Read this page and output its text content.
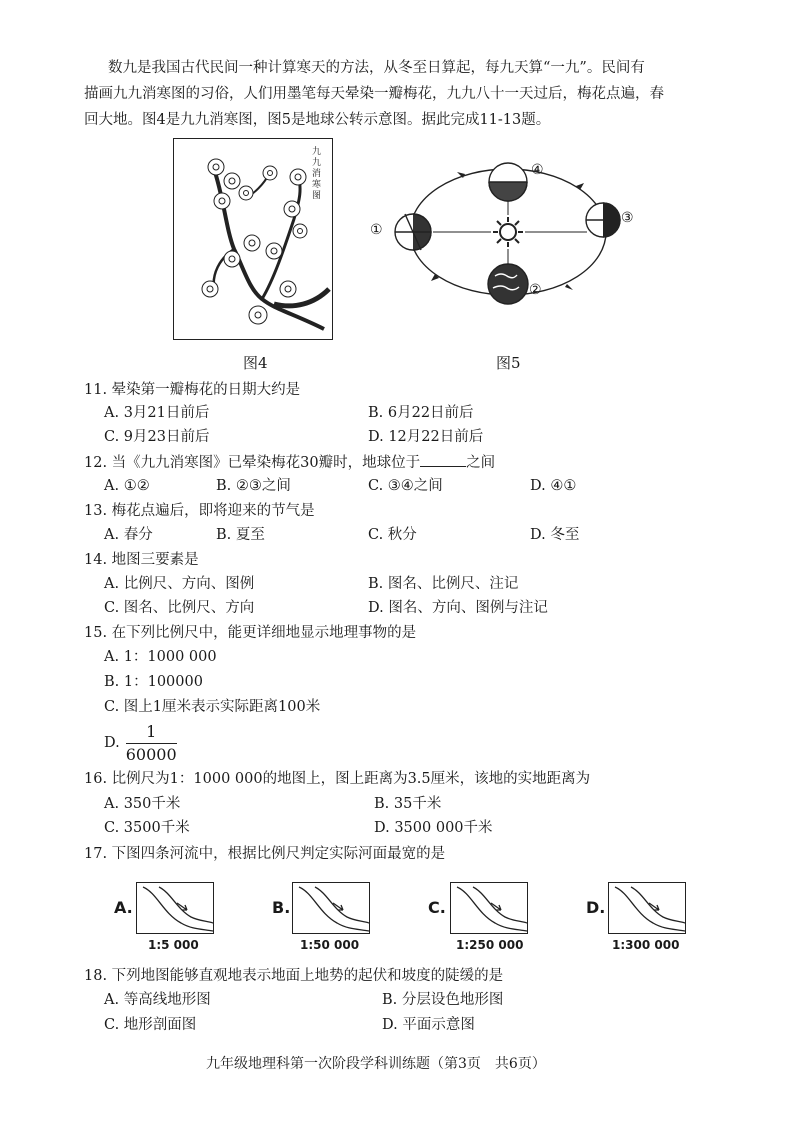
数九是我国古代民间一种计算寒天的方法，从冬至日算起，每九天算“一九”。民间有
描画九九消寒图的习俗，人们用墨笔每天晕染一瓣梅花，九九八十一天过后，梅花点遍，春
回大地。图4是九九消寒图，图5是地球公转示意图。据此完成11-13题。
九九消寒图
图4
①
②
③
④
图5
11. 晕染第一瓣梅花的日期大约是
A. 3月21日前后	B. 6月22日前后
C. 9月23日前后	D. 12月22日前后
12. 当《九九消寒图》已晕染梅花30瓣时，地球位于	之间
A. ①②	B. ②③之间	C. ③④之间	D. ④①
13. 梅花点遍后，即将迎来的节气是
A. 春分	B. 夏至	C. 秋分	D. 冬至
14. 地图三要素是
A. 比例尺、方向、图例	B. 图名、比例尺、注记
C. 图名、比例尺、方向	D. 图名、方向、图例与注记
15. 在下列比例尺中，能更详细地显示地理事物的是
A. 1：1000 000
B. 1：100000
C. 图上1厘米表示实际距离100米
D. $\frac{1}{60000}$
16. 比例尺为1：1000 000的地图上，图上距离为3.5厘米，该地的实地距离为
A. 350千米	B. 35千米
C. 3500千米	D. 3500 000千米
17. 下图四条河流中，根据比例尺判定实际河面最宽的是
A.
1:5 000
B.
1:50 000
C.
1:250 000
D.
1:300 000
18. 下列地图能够直观地表示地面上地势的起伏和坡度的陡缓的是
A. 等高线地形图	B. 分层设色地形图
C. 地形剖面图	D. 平面示意图
九年级地理科第一次阶段学科训练题（第3页　共6页）
